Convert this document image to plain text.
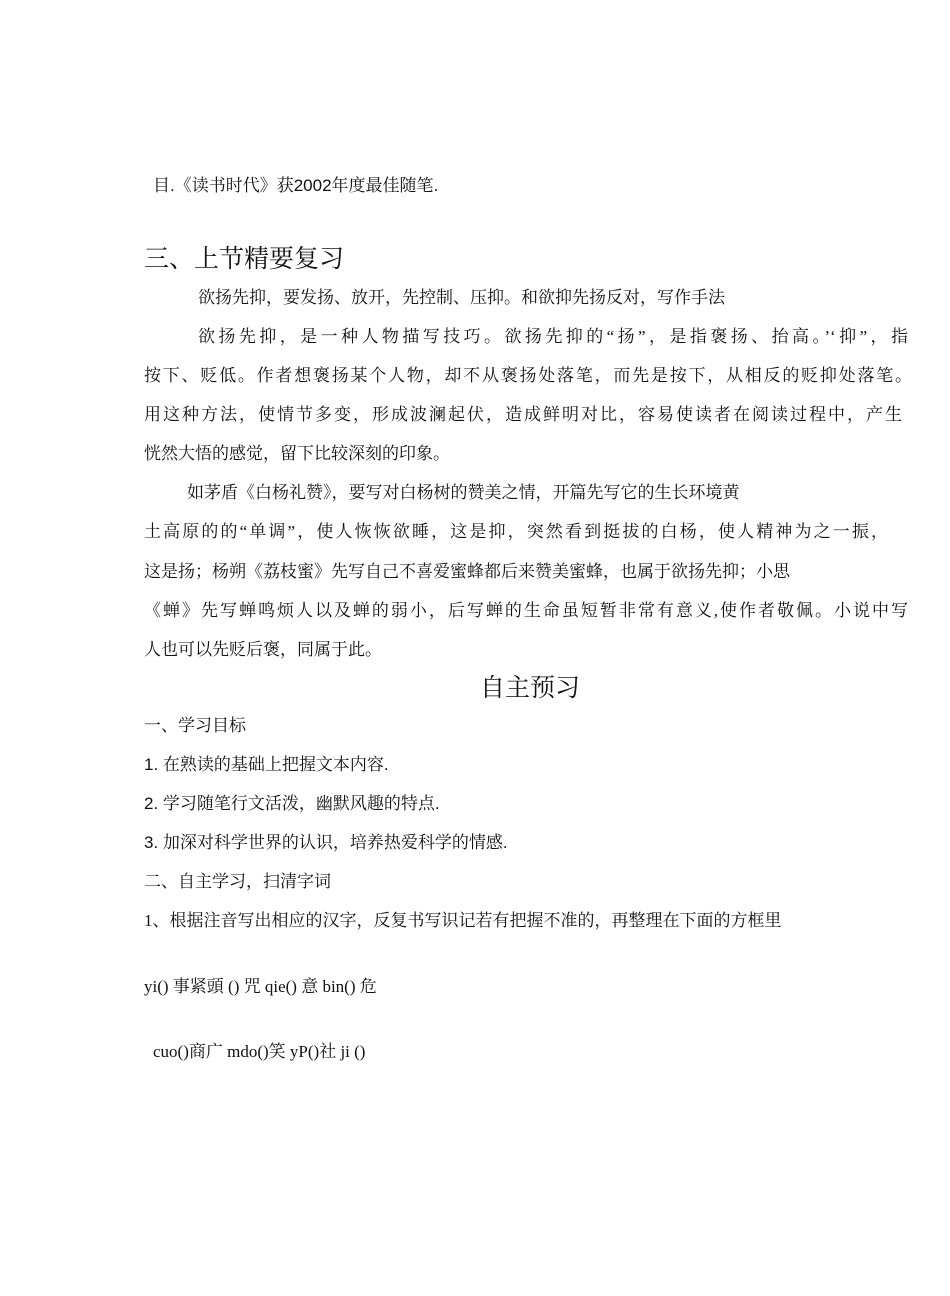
目.《读书时代》获2002年度最佳随笔.
三、上节精要复习
欲扬先抑，要发扬、放开，先控制、压抑。和欲抑先扬反对，写作手法
欲扬先抑，是一种人物描写技巧。欲扬先抑的“扬”，是指褒扬、抬高。’‘抑”，指
按下、贬低。作者想褒扬某个人物，却不从褒扬处落笔，而先是按下，从相反的贬抑处落笔。
用这种方法，使情节多变，形成波澜起伏，造成鲜明对比，容易使读者在阅读过程中，产生
恍然大悟的感觉，留下比较深刻的印象。
如茅盾《白杨礼赞》，要写对白杨树的赞美之情，开篇先写它的生长环境黄
土高原的的“单调”，使人恢恢欲睡，这是抑，突然看到挺拔的白杨，使人精神为之一振，
这是扬；杨朔《荔枝蜜》先写自己不喜爱蜜蜂都后来赞美蜜蜂，也属于欲扬先抑；小思
《蝉》先写蝉鸣烦人以及蝉的弱小，后写蝉的生命虽短暂非常有意义,使作者敬佩。小说中写
人也可以先贬后褒，同属于此。
自主预习
一、学习目标
1. 在熟读的基础上把握文本内容.
2. 学习随笔行文活泼，幽默风趣的特点.
3. 加深对科学世界的认识，培养热爱科学的情感.
二、自主学习，扫清字词
1、根据注音写出相应的汉字，反复书写识记若有把握不准的，再整理在下面的方框里
yi() 事紧頭 () 咒 qie() 意 bin() 危
cuo()商广 mdo()笑 yP()社 ji ()
